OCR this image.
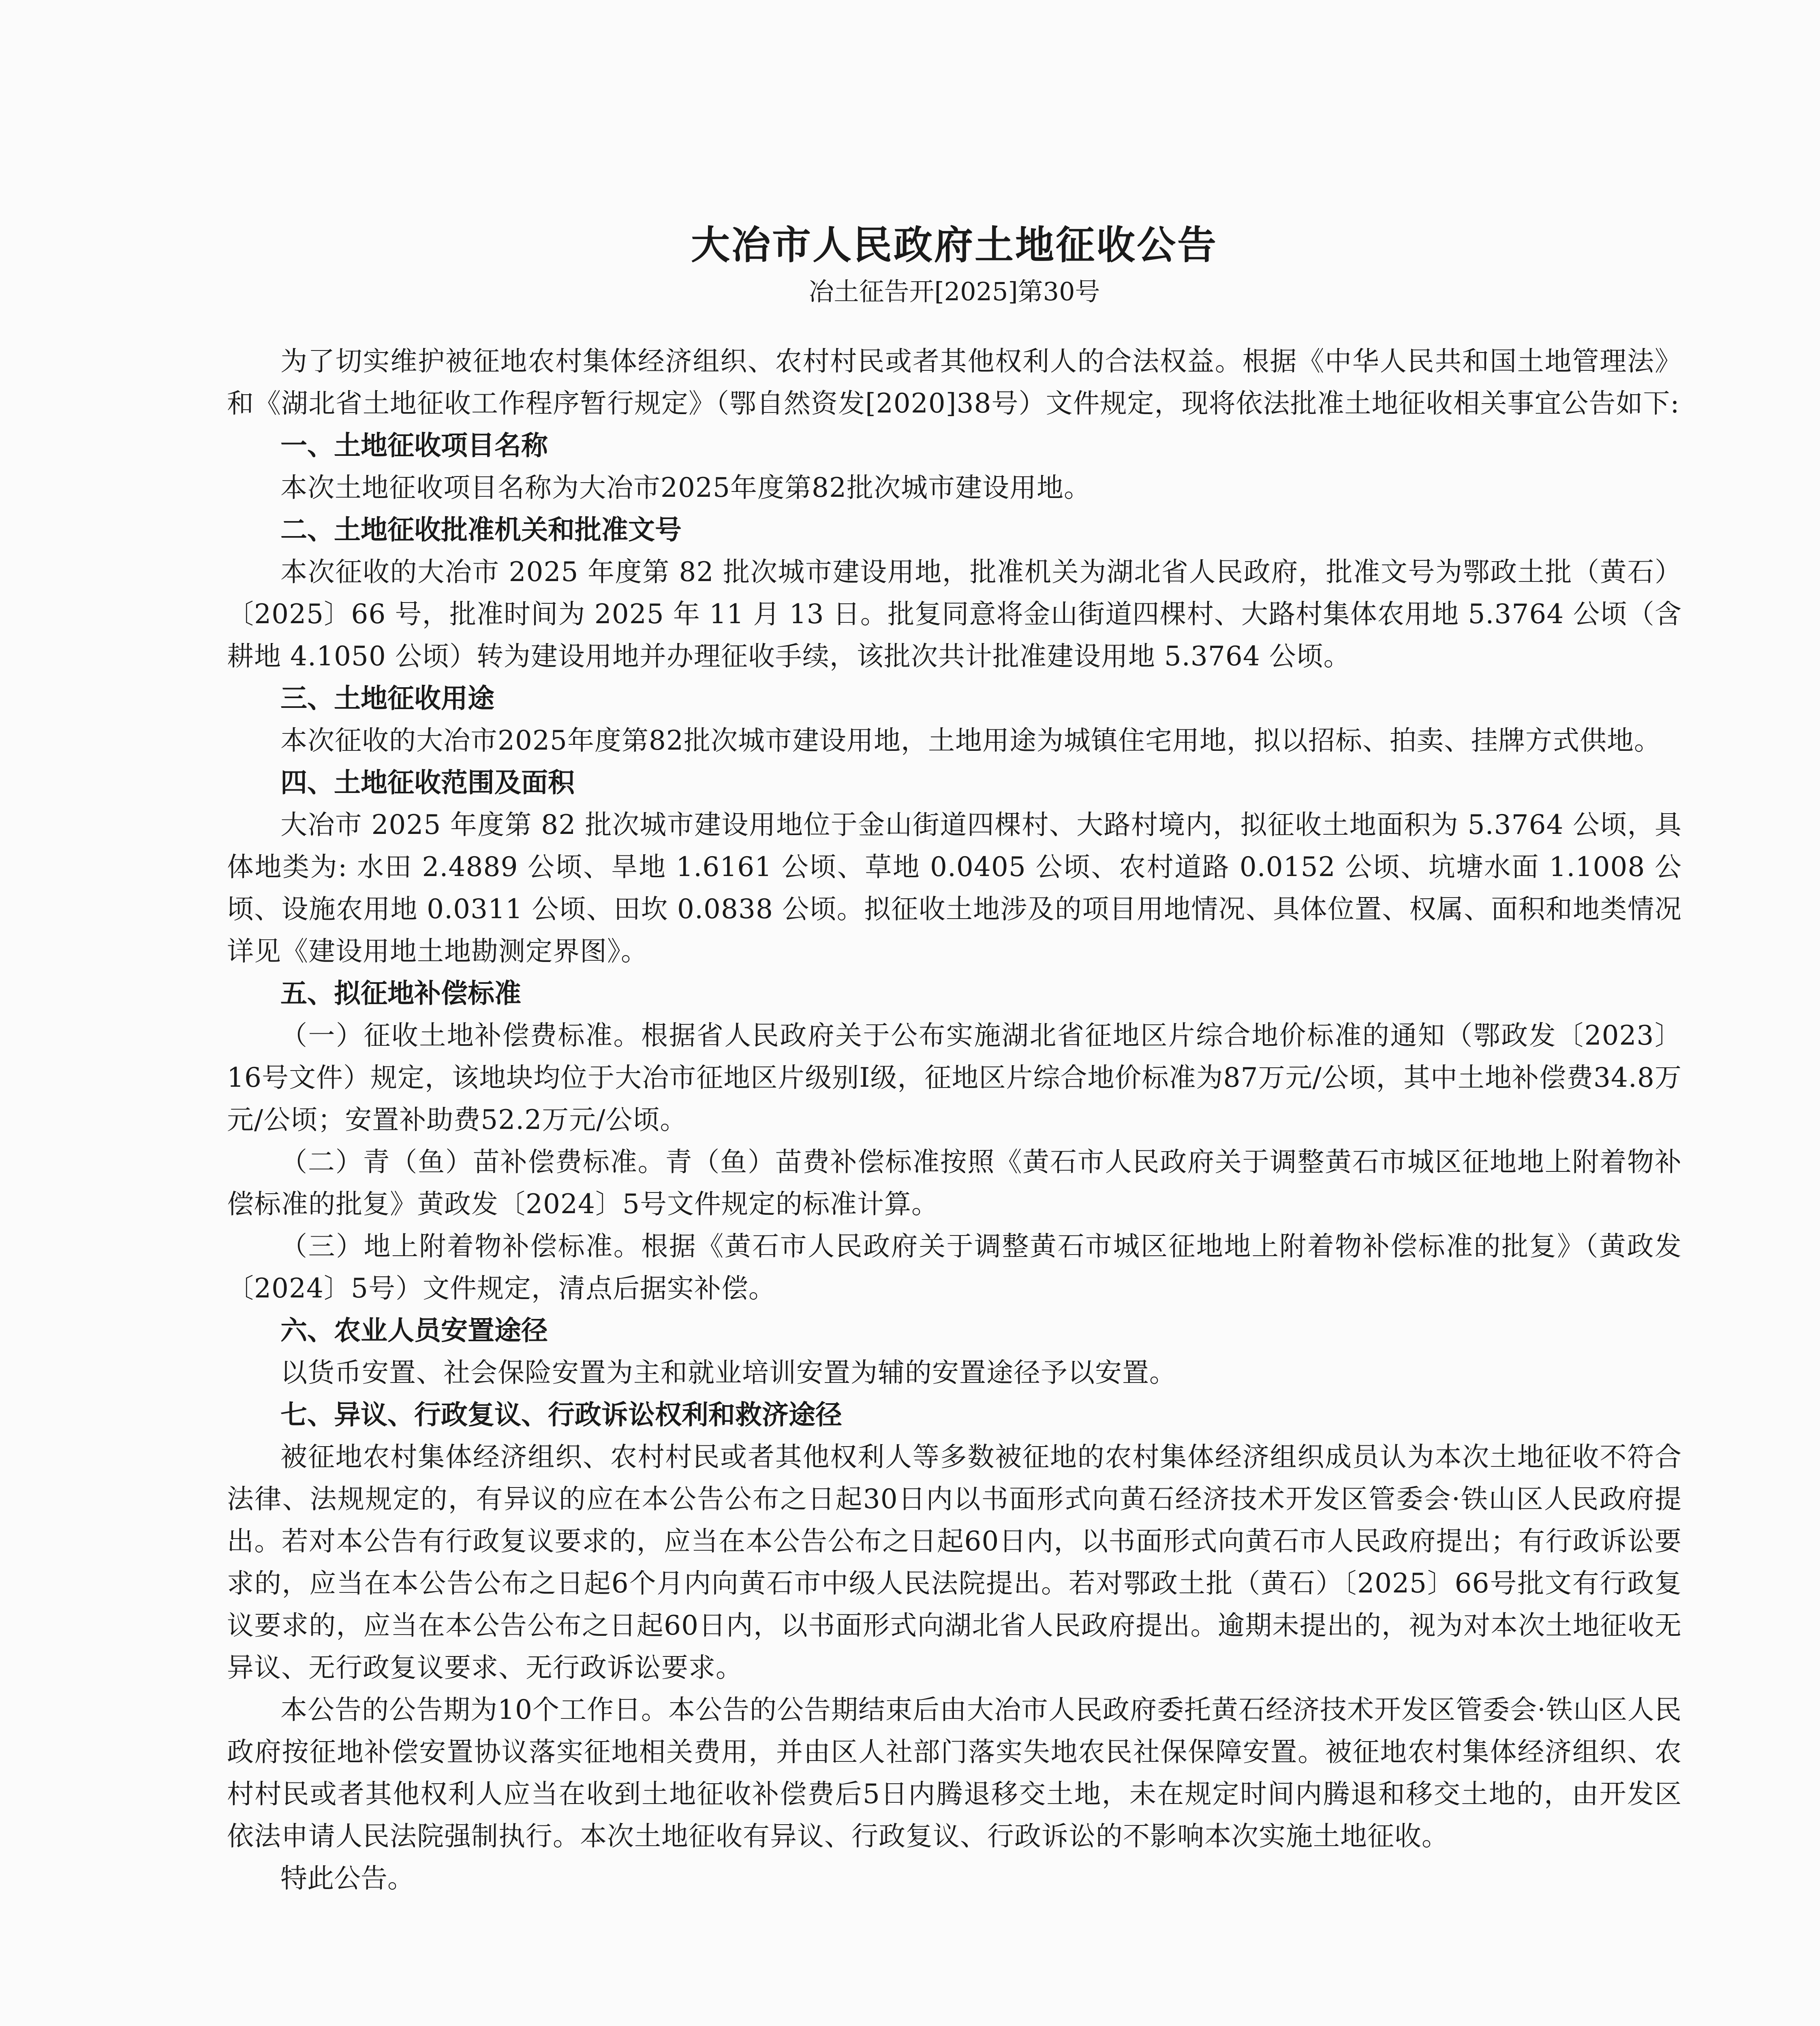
大冶市人民政府土地征收公告

冶土征告开[2025]第30号

为了切实维护被征地农村集体经济组织、农村村民或者其他权利人的合法权益。根据《中华人民共和国土地管理法》和《湖北省土地征收工作程序暂行规定》（鄂自然资发[2020]38号）文件规定，现将依法批准土地征收相关事宜公告如下:

一、土地征收项目名称

本次土地征收项目名称为大冶市2025年度第82批次城市建设用地。

二、土地征收批准机关和批准文号

本次征收的大冶市 2025 年度第 82 批次城市建设用地，批准机关为湖北省人民政府，批准文号为鄂政土批（黄石）〔2025〕66 号，批准时间为 2025 年 11 月 13 日。批复同意将金山街道四棵村、大路村集体农用地 5.3764 公顷（含耕地 4.1050 公顷）转为建设用地并办理征收手续，该批次共计批准建设用地 5.3764 公顷。

三、土地征收用途

本次征收的大冶市2025年度第82批次城市建设用地，土地用途为城镇住宅用地，拟以招标、拍卖、挂牌方式供地。

四、土地征收范围及面积

大冶市 2025 年度第 82 批次城市建设用地位于金山街道四棵村、大路村境内，拟征收土地面积为 5.3764 公顷，具体地类为: 水田 2.4889 公顷、旱地 1.6161 公顷、草地 0.0405 公顷、农村道路 0.0152 公顷、坑塘水面 1.1008 公顷、设施农用地 0.0311 公顷、田坎 0.0838 公顷。拟征收土地涉及的项目用地情况、具体位置、权属、面积和地类情况详见《建设用地土地勘测定界图》。

五、拟征地补偿标准

（一）征收土地补偿费标准。根据省人民政府关于公布实施湖北省征地区片综合地价标准的通知（鄂政发〔2023〕16号文件）规定，该地块均位于大冶市征地区片级别I级，征地区片综合地价标准为87万元/公顷，其中土地补偿费34.8万元/公顷；安置补助费52.2万元/公顷。

（二）青（鱼）苗补偿费标准。青（鱼）苗费补偿标准按照《黄石市人民政府关于调整黄石市城区征地地上附着物补偿标准的批复》黄政发〔2024〕5号文件规定的标准计算。

（三）地上附着物补偿标准。根据《黄石市人民政府关于调整黄石市城区征地地上附着物补偿标准的批复》（黄政发〔2024〕5号）文件规定，清点后据实补偿。

六、农业人员安置途径

以货币安置、社会保险安置为主和就业培训安置为辅的安置途径予以安置。

七、异议、行政复议、行政诉讼权利和救济途径

被征地农村集体经济组织、农村村民或者其他权利人等多数被征地的农村集体经济组织成员认为本次土地征收不符合法律、法规规定的，有异议的应在本公告公布之日起30日内以书面形式向黄石经济技术开发区管委会·铁山区人民政府提出。若对本公告有行政复议要求的，应当在本公告公布之日起60日内，以书面形式向黄石市人民政府提出；有行政诉讼要求的，应当在本公告公布之日起6个月内向黄石市中级人民法院提出。若对鄂政土批（黄石）〔2025〕66号批文有行政复议要求的，应当在本公告公布之日起60日内，以书面形式向湖北省人民政府提出。逾期未提出的，视为对本次土地征收无异议、无行政复议要求、无行政诉讼要求。

本公告的公告期为10个工作日。本公告的公告期结束后由大冶市人民政府委托黄石经济技术开发区管委会·铁山区人民政府按征地补偿安置协议落实征地相关费用，并由区人社部门落实失地农民社保保障安置。被征地农村集体经济组织、农村村民或者其他权利人应当在收到土地征收补偿费后5日内腾退移交土地，未在规定时间内腾退和移交土地的，由开发区依法申请人民法院强制执行。本次土地征收有异议、行政复议、行政诉讼的不影响本次实施土地征收。

特此公告。
